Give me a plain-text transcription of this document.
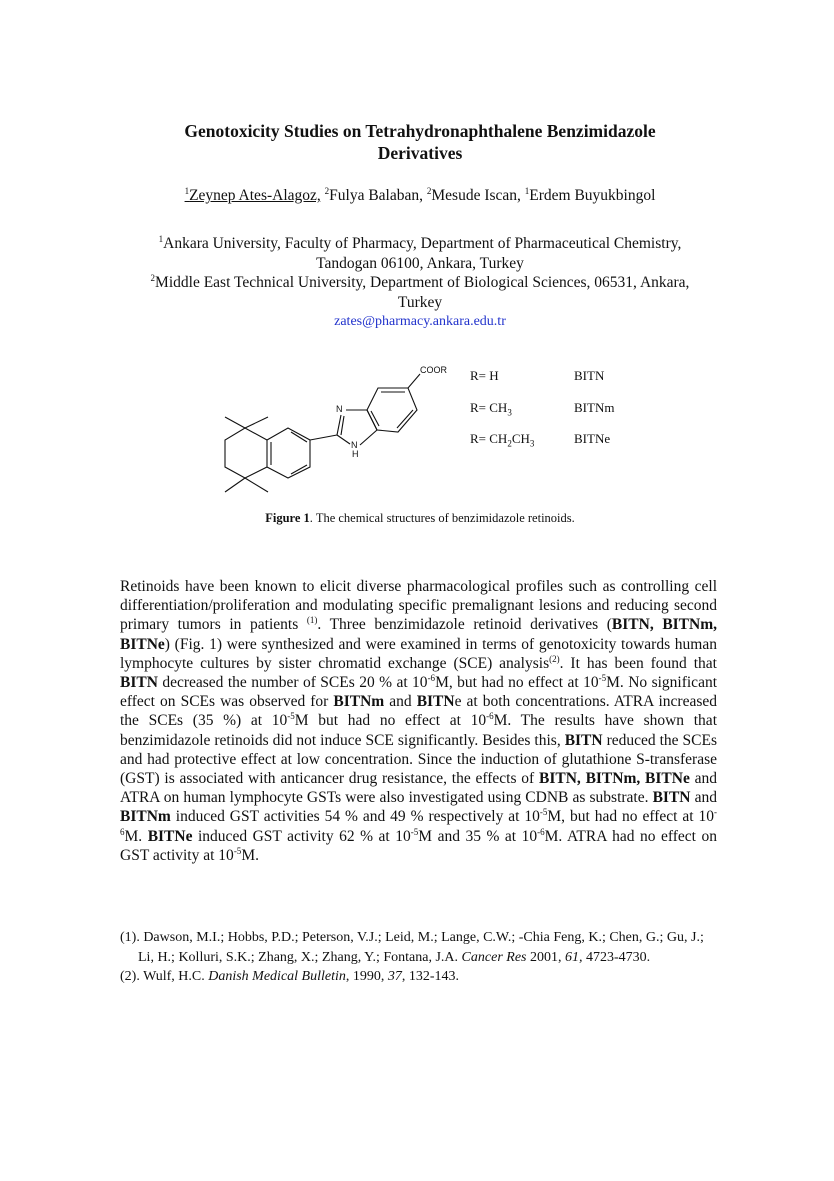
Genotoxicity Studies on Tetrahydronaphthalene Benzimidazole
Derivatives
$^1$Zeynep Ates-Alagoz, $^2$Fulya Balaban, $^2$Mesude Iscan, $^1$Erdem Buyukbingol
$^1$Ankara University, Faculty of Pharmacy, Department of Pharmaceutical Chemistry,
Tandogan 06100, Ankara, Turkey
$^2$Middle East Technical University, Department of Biological Sciences, 06531, Ankara,
Turkey
zates@pharmacy.ankara.edu.tr
COOR
N
N
H
R= H	BITN
$R= CH_3$	BITNm
$R= CH_2CH_3$	BITNe
Figure 1. The chemical structures of benzimidazole retinoids.
Retinoids have been known to elicit diverse pharmacological profiles such as controlling cell differentiation/proliferation and modulating specific premalignant lesions and reducing second primary tumors in patients $^{(1)}$. Three benzimidazole retinoid derivatives (BITN, BITNm, BITNe) (Fig. 1) were synthesized and were examined in terms of genotoxicity towards human lymphocyte cultures by sister chromatid exchange (SCE) analysis$^{(2)}$. It has been found that BITN decreased the number of SCEs 20 % at $10^{-6}M$, but had no effect at $10^{-5}M$. No significant effect on SCEs was observed for BITNm and BITNe at both concentrations. ATRA increased the SCEs (35 %) at $10^{-5}M$ but had no effect at $10^{-6}M$. The results have shown that benzimidazole retinoids did not induce SCE significantly. Besides this, BITN reduced the SCEs and had protective effect at low concentration. Since the induction of glutathione S-transferase (GST) is associated with anticancer drug resistance, the effects of BITN, BITNm, BITNe and ATRA on human lymphocyte GSTs were also investigated using CDNB as substrate. BITN and BITNm induced GST activities 54 % and 49 % respectively at $10^{-5}M$, but had no effect at $10^{-6}M$. BITNe induced GST activity 62 % at $10^{-5}M$ and 35 % at $10^{-6}M$. ATRA had no effect on GST activity at $10^{-5}M$.
(1). Dawson, M.I.; Hobbs, P.D.; Peterson, V.J.; Leid, M.; Lange, C.W.; -Chia Feng, K.; Chen, G.; Gu, J.; Li, H.; Kolluri, S.K.; Zhang, X.; Zhang, Y.; Fontana, J.A. Cancer Res 2001, 61, 4723-4730.
(2). Wulf, H.C. Danish Medical Bulletin, 1990, 37, 132-143.
